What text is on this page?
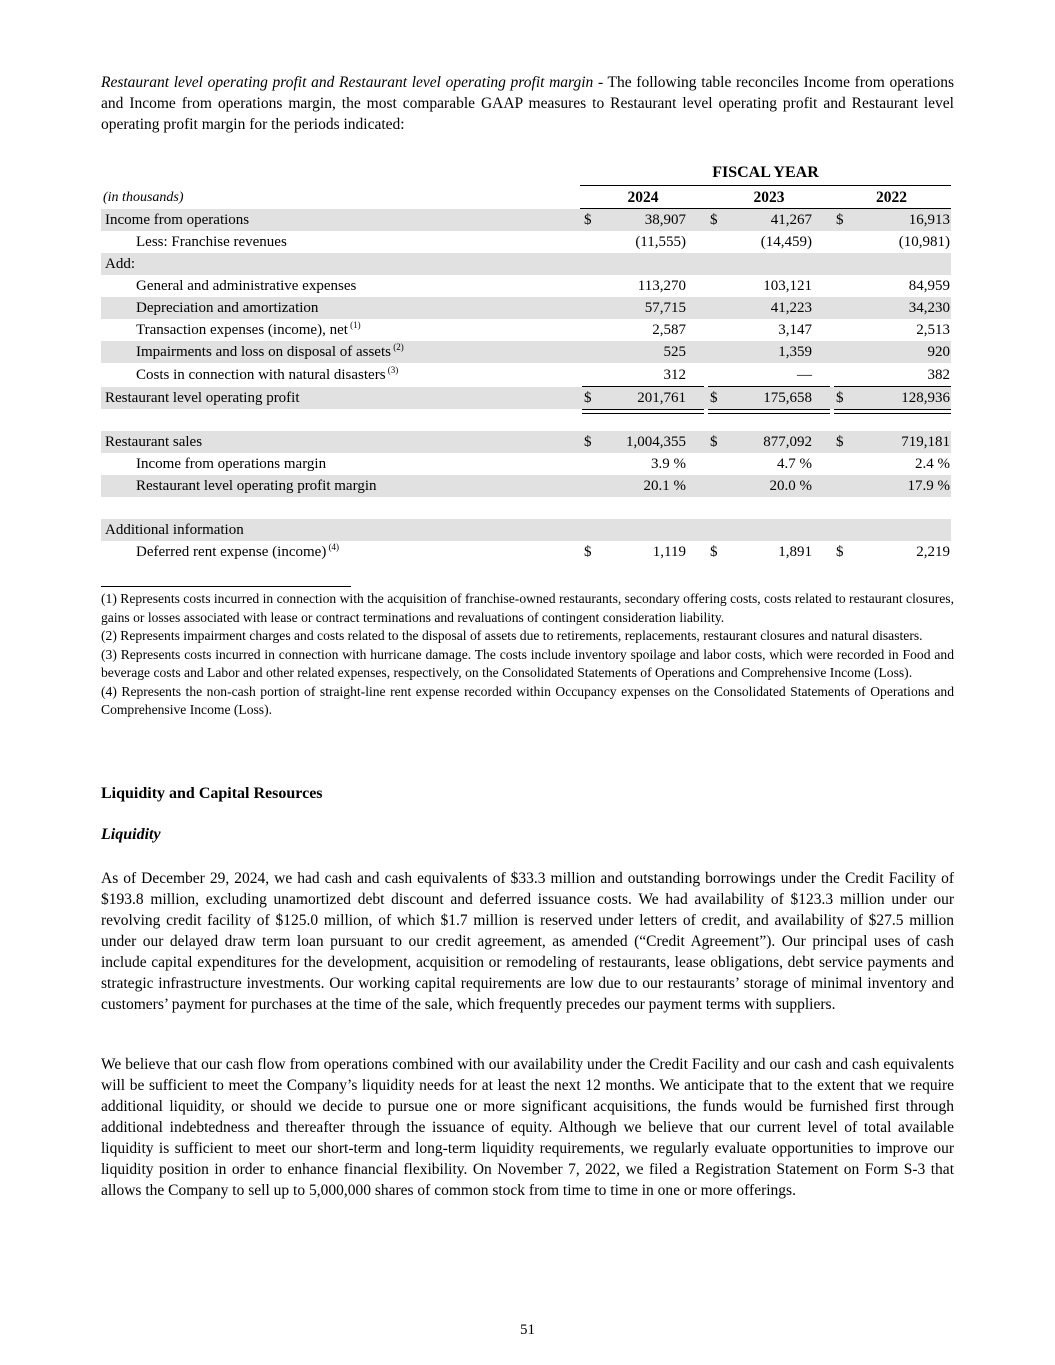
Restaurant level operating profit and Restaurant level operating profit margin - The following table reconciles Income from operations and Income from operations margin, the most comparable GAAP measures to Restaurant level operating profit and Restaurant level operating profit margin for the periods indicated:

FISCAL YEAR
(in thousands)	2024	2023	2022
Income from operations	$	38,907 $	41,267 $	16,913
Less: Franchise revenues	(11,555)	(14,459)	(10,981)
Add:
General and administrative expenses	113,270	103,121	84,959
Depreciation and amortization	57,715	41,223	34,230
Transaction expenses (income), net $^{(1)}$	2,587	3,147	2,513
Impairments and loss on disposal of assets $^{(2)}$	525	1,359	920
Costs in connection with natural disasters $^{(3)}$	312	—	382
Restaurant level operating profit	$	201,761 $	175,658 $	128,936
Restaurant sales	$	1,004,355 $	877,092 $	719,181
Income from operations margin	3.9 %	4.7 %	2.4 %
Restaurant level operating profit margin	20.1 %	20.0 %	17.9 %
Additional information
Deferred rent expense (income) $^{(4)}$	$	1,119 $	1,891 $	2,219

(1) Represents costs incurred in connection with the acquisition of franchise-owned restaurants, secondary offering costs, costs related to restaurant closures, gains or losses associated with lease or contract terminations and revaluations of contingent consideration liability.

(2) Represents impairment charges and costs related to the disposal of assets due to retirements, replacements, restaurant closures and natural disasters.

(3) Represents costs incurred in connection with hurricane damage. The costs include inventory spoilage and labor costs, which were recorded in Food and beverage costs and Labor and other related expenses, respectively, on the Consolidated Statements of Operations and Comprehensive Income (Loss).

(4) Represents the non-cash portion of straight-line rent expense recorded within Occupancy expenses on the Consolidated Statements of Operations and Comprehensive Income (Loss).

Liquidity and Capital Resources
Liquidity

As of December 29, 2024, we had cash and cash equivalents of $33.3 million and outstanding borrowings under the Credit Facility of $193.8 million, excluding unamortized debt discount and deferred issuance costs. We had availability of $123.3 million under our revolving credit facility of $125.0 million, of which $1.7 million is reserved under letters of credit, and availability of $27.5 million under our delayed draw term loan pursuant to our credit agreement, as amended (“Credit Agreement”). Our principal uses of cash include capital expenditures for the development, acquisition or remodeling of restaurants, lease obligations, debt service payments and strategic infrastructure investments. Our working capital requirements are low due to our restaurants’ storage of minimal inventory and customers’ payment for purchases at the time of the sale, which frequently precedes our payment terms with suppliers.

We believe that our cash flow from operations combined with our availability under the Credit Facility and our cash and cash equivalents will be sufficient to meet the Company’s liquidity needs for at least the next 12 months. We anticipate that to the extent that we require additional liquidity, or should we decide to pursue one or more significant acquisitions, the funds would be furnished first through additional indebtedness and thereafter through the issuance of equity. Although we believe that our current level of total available liquidity is sufficient to meet our short-term and long-term liquidity requirements, we regularly evaluate opportunities to improve our liquidity position in order to enhance financial flexibility. On November 7, 2022, we filed a Registration Statement on Form S-3 that allows the Company to sell up to 5,000,000 shares of common stock from time to time in one or more offerings.

51
